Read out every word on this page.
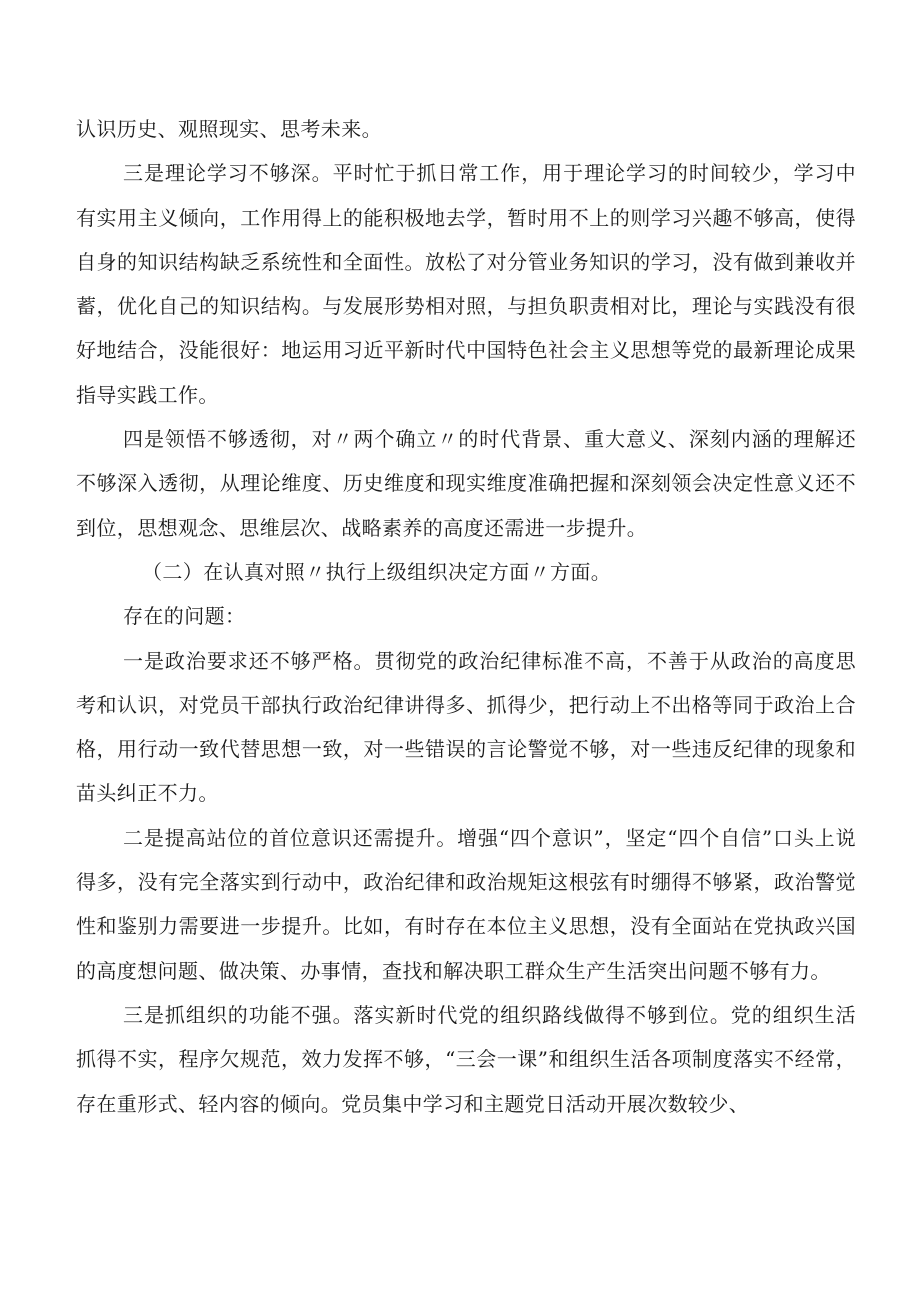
认识历史、观照现实、思考未来。

三是理论学习不够深。平时忙于抓日常工作，用于理论学习的时间较少，学习中有实用主义倾向，工作用得上的能积极地去学，暂时用不上的则学习兴趣不够高，使得自身的知识结构缺乏系统性和全面性。放松了对分管业务知识的学习，没有做到兼收并蓄，优化自己的知识结构。与发展形势相对照，与担负职责相对比，理论与实践没有很好地结合，没能很好：地运用习近平新时代中国特色社会主义思想等党的最新理论成果指导实践工作。

四是领悟不够透彻，对〃两个确立〃的时代背景、重大意义、深刻内涵的理解还不够深入透彻，从理论维度、历史维度和现实维度准确把握和深刻领会决定性意义还不到位，思想观念、思维层次、战略素养的高度还需进一步提升。

（二）在认真对照〃执行上级组织决定方面〃方面。

存在的问题：

一是政治要求还不够严格。贯彻党的政治纪律标准不高，不善于从政治的高度思考和认识，对党员干部执行政治纪律讲得多、抓得少，把行动上不出格等同于政治上合格，用行动一致代替思想一致，对一些错误的言论警觉不够，对一些违反纪律的现象和苗头纠正不力。

二是提高站位的首位意识还需提升。增强“四个意识”，坚定“四个自信”口头上说得多，没有完全落实到行动中，政治纪律和政治规矩这根弦有时绷得不够紧，政治警觉性和鉴别力需要进一步提升。比如，有时存在本位主义思想，没有全面站在党执政兴国的高度想问题、做决策、办事情，查找和解决职工群众生产生活突出问题不够有力。

三是抓组织的功能不强。落实新时代党的组织路线做得不够到位。党的组织生活抓得不实，程序欠规范，效力发挥不够，“三会一课”和组织生活各项制度落实不经常，存在重形式、轻内容的倾向。党员集中学习和主题党日活动开展次数较少、
